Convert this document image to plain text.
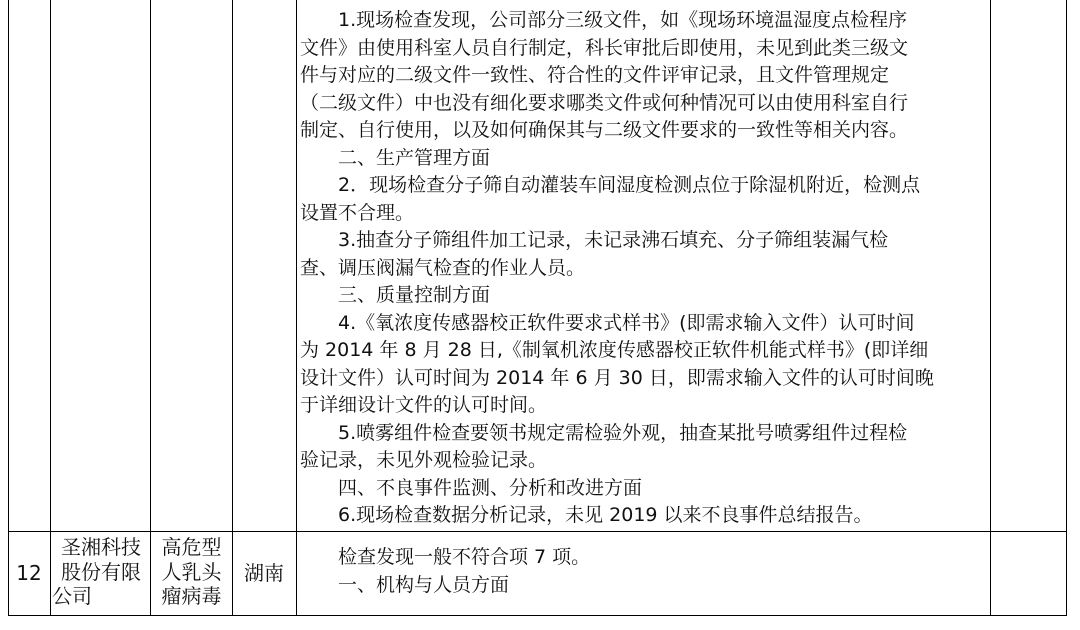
　　1.现场检查发现，公司部分三级文件，如《现场环境温湿度点检程序
文件》由使用科室人员自行制定，科长审批后即使用，未见到此类三级文
件与对应的二级文件一致性、符合性的文件评审记录，且文件管理规定
（二级文件）中也没有细化要求哪类文件或何种情况可以由使用科室自行
制定、自行使用，以及如何确保其与二级文件要求的一致性等相关内容。
　　二、生产管理方面
　　2．现场检查分子筛自动灌装车间湿度检测点位于除湿机附近，检测点
设置不合理。
　　3.抽查分子筛组件加工记录，未记录沸石填充、分子筛组装漏气检
查、调压阀漏气检查的作业人员。
　　三、质量控制方面
　　4.《氧浓度传感器校正软件要求式样书》(即需求输入文件）认可时间
为 2014 年 8 月 28 日,《制氧机浓度传感器校正软件机能式样书》(即详细
设计文件）认可时间为 2014 年 6 月 30 日，即需求输入文件的认可时间晚
于详细设计文件的认可时间。
　　5.喷雾组件检查要领书规定需检验外观，抽查某批号喷雾组件过程检
验记录，未见外观检验记录。
　　四、不良事件监测、分析和改进方面
　　6.现场检查数据分析记录，未见 2019 以来不良事件总结报告。
12
圣湘科技
股份有限
公司
高危型
人乳头
瘤病毒
湖南
　　检查发现一般不符合项 7 项。
　　一、机构与人员方面
